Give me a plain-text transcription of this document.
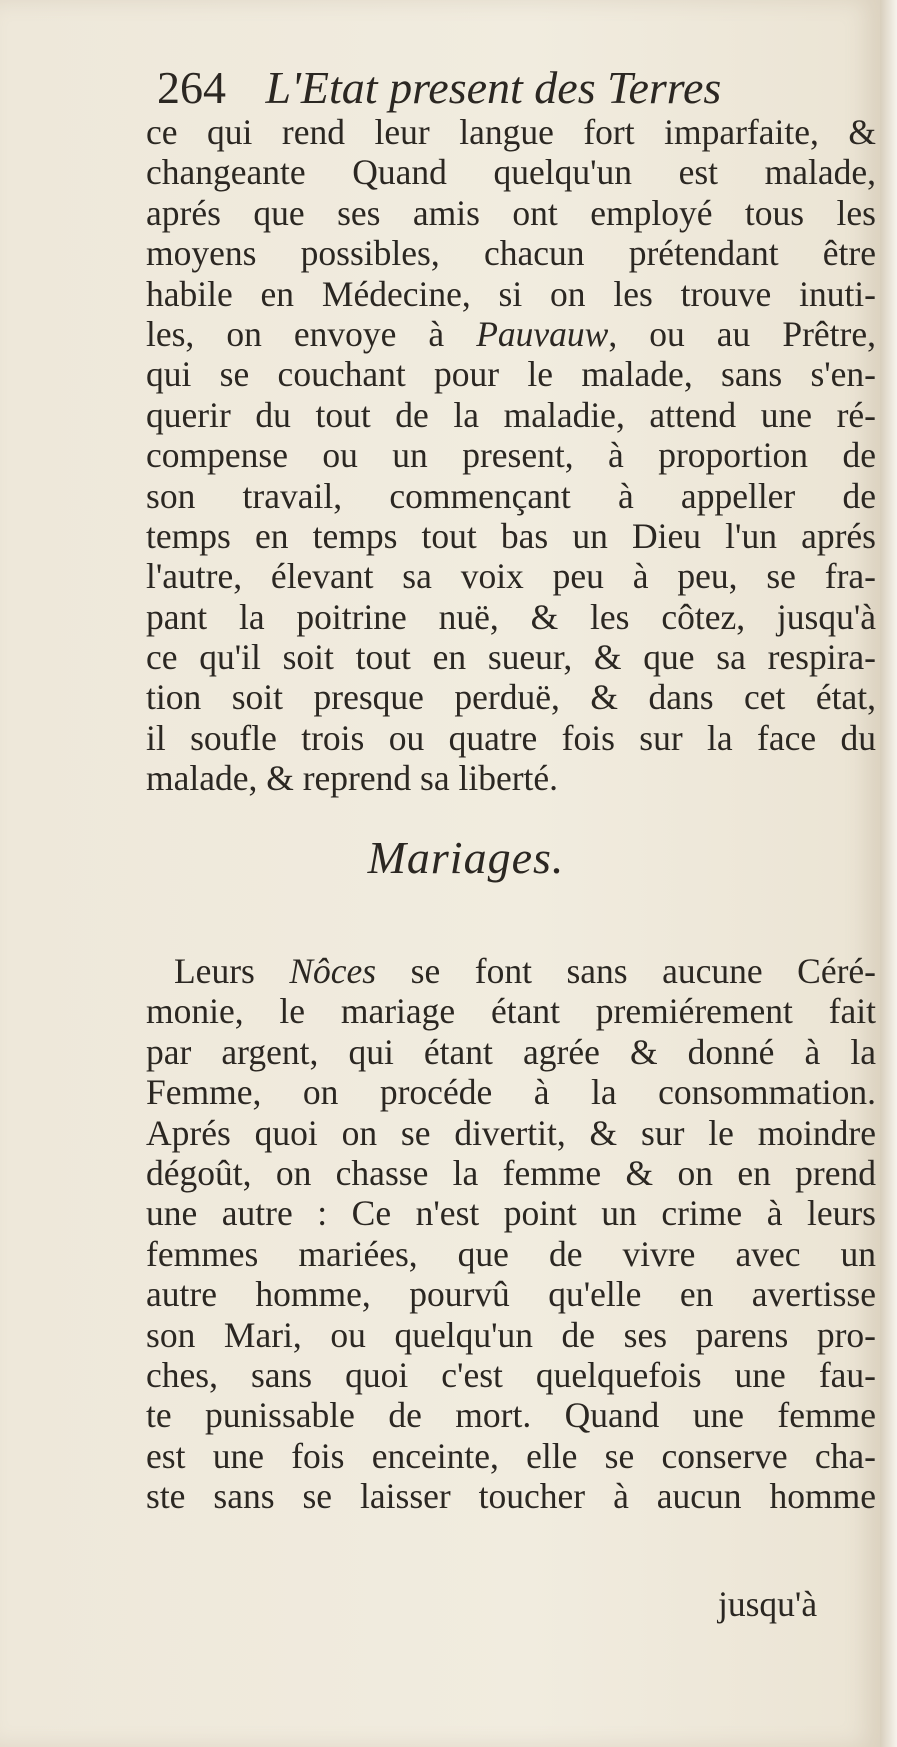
264 L'Etat present des Terres
ce qui rend leur langue fort imparfaite, &
changeante Quand quelqu'un est malade,
aprés que ses amis ont employé tous les
moyens possibles, chacun prétendant être
habile en Médecine, si on les trouve inuti-
les, on envoye à Pauvauw, ou au Prêtre,
qui se couchant pour le malade, sans s'en-
querir du tout de la maladie, attend une ré-
compense ou un present, à proportion de
son travail, commençant à appeller de
temps en temps tout bas un Dieu l'un aprés
l'autre, élevant sa voix peu à peu, se fra-
pant la poitrine nuë, & les côtez, jusqu'à
ce qu'il soit tout en sueur, & que sa respira-
tion soit presque perduë, & dans cet état,
il soufle trois ou quatre fois sur la face du
malade, & reprend sa liberté.
Mariages.
Leurs Nôces se font sans aucune Céré-
monie, le mariage étant premiérement fait
par argent, qui étant agrée & donné à la
Femme, on procéde à la consommation.
Aprés quoi on se divertit, & sur le moindre
dégoût, on chasse la femme & on en prend
une autre : Ce n'est point un crime à leurs
femmes mariées, que de vivre avec un
autre homme, pourvû qu'elle en avertisse
son Mari, ou quelqu'un de ses parens pro-
ches, sans quoi c'est quelquefois une fau-
te punissable de mort. Quand une femme
est une fois enceinte, elle se conserve cha-
ste sans se laisser toucher à aucun homme
jusqu'à
